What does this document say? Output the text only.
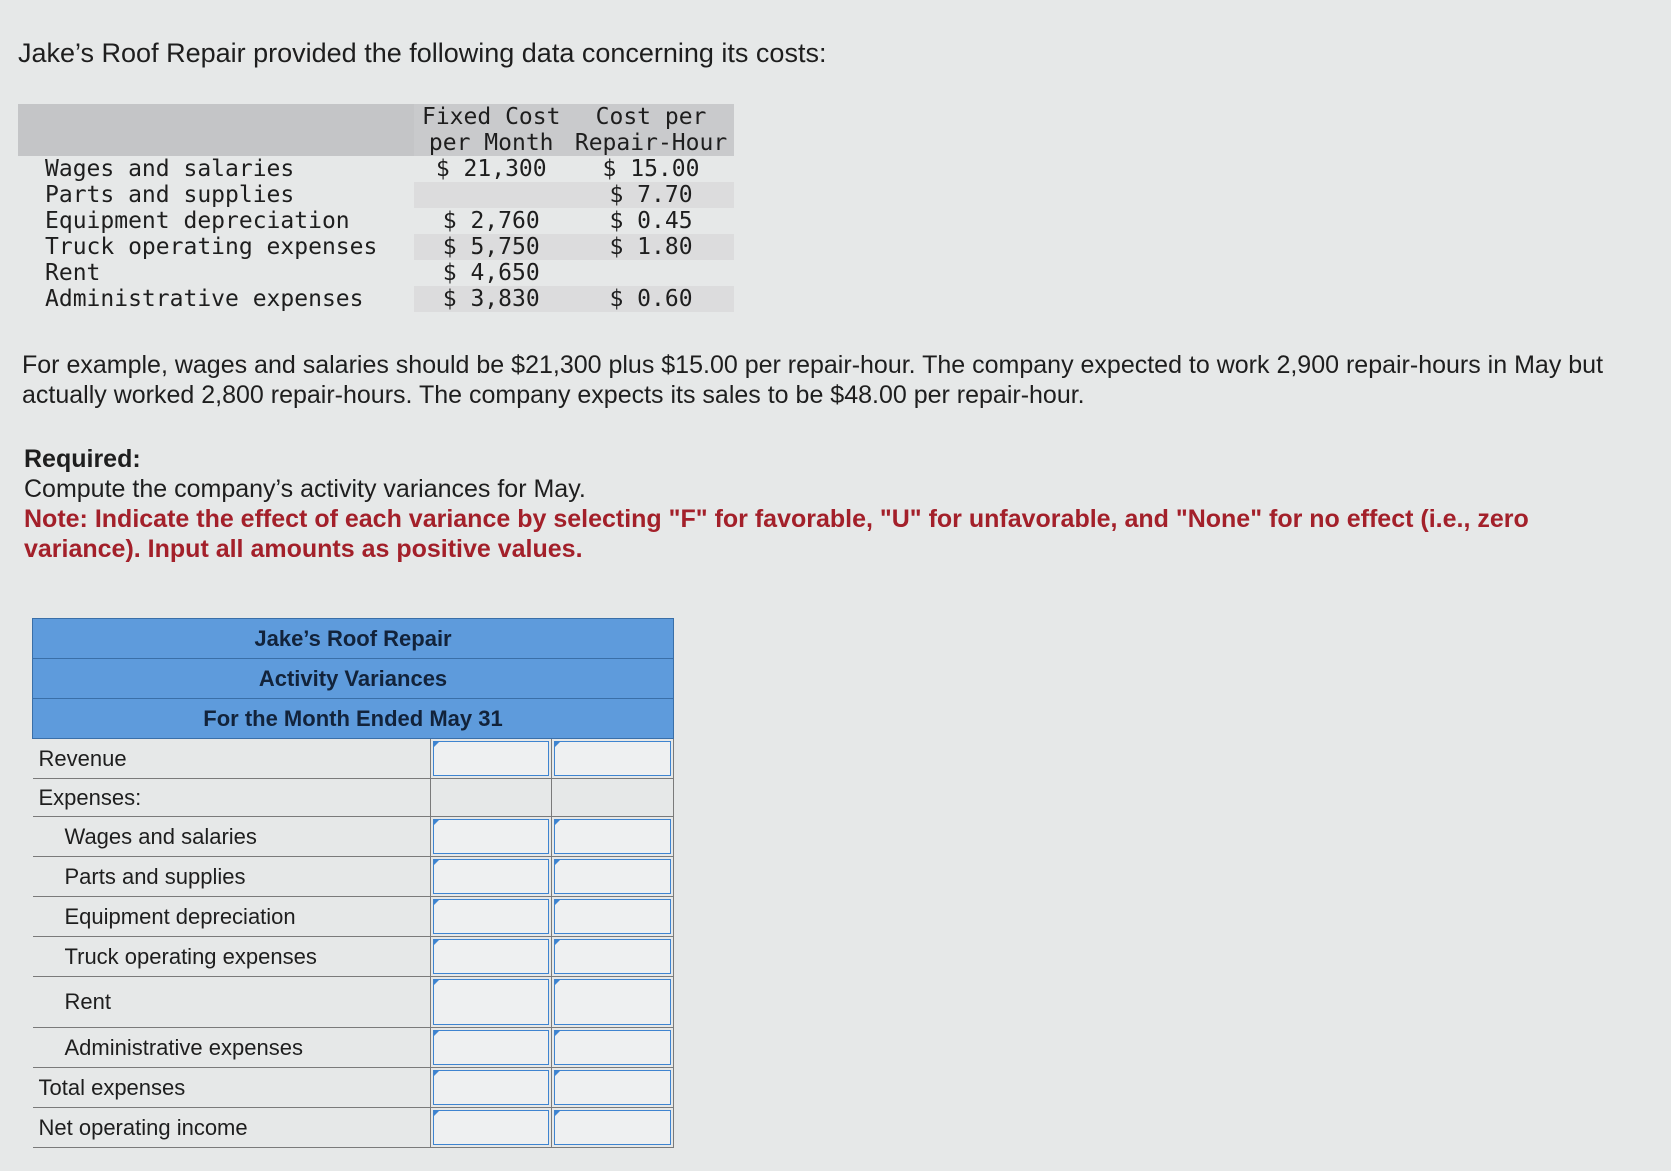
Jake’s Roof Repair provided the following data concerning its costs:

	Fixed Cost	Cost per
	per Month	Repair-Hour
Wages and salaries	$ 21,300	$ 15.00
Parts and supplies		$ 7.70
Equipment depreciation	$ 2,760	$ 0.45
Truck operating expenses	$ 5,750	$ 1.80
Rent	$ 4,650	
Administrative expenses	$ 3,830	$ 0.60

For example, wages and salaries should be $21,300 plus $15.00 per repair-hour. The company expected to work 2,900 repair-hours in May but actually worked 2,800 repair-hours. The company expects its sales to be $48.00 per repair-hour.

Required:
Compute the company’s activity variances for May.
Note: Indicate the effect of each variance by selecting "F" for favorable, "U" for unfavorable, and "None" for no effect (i.e., zero variance). Input all amounts as positive values.
Jake’s Roof Repair		
Activity Variances		
For the Month Ended May 31		
Revenue	

Expenses:		
Wages and salaries	

Parts and supplies	

Equipment depreciation	

Truck operating expenses	

Rent	

Administrative expenses	

Total expenses	

Net operating income	
